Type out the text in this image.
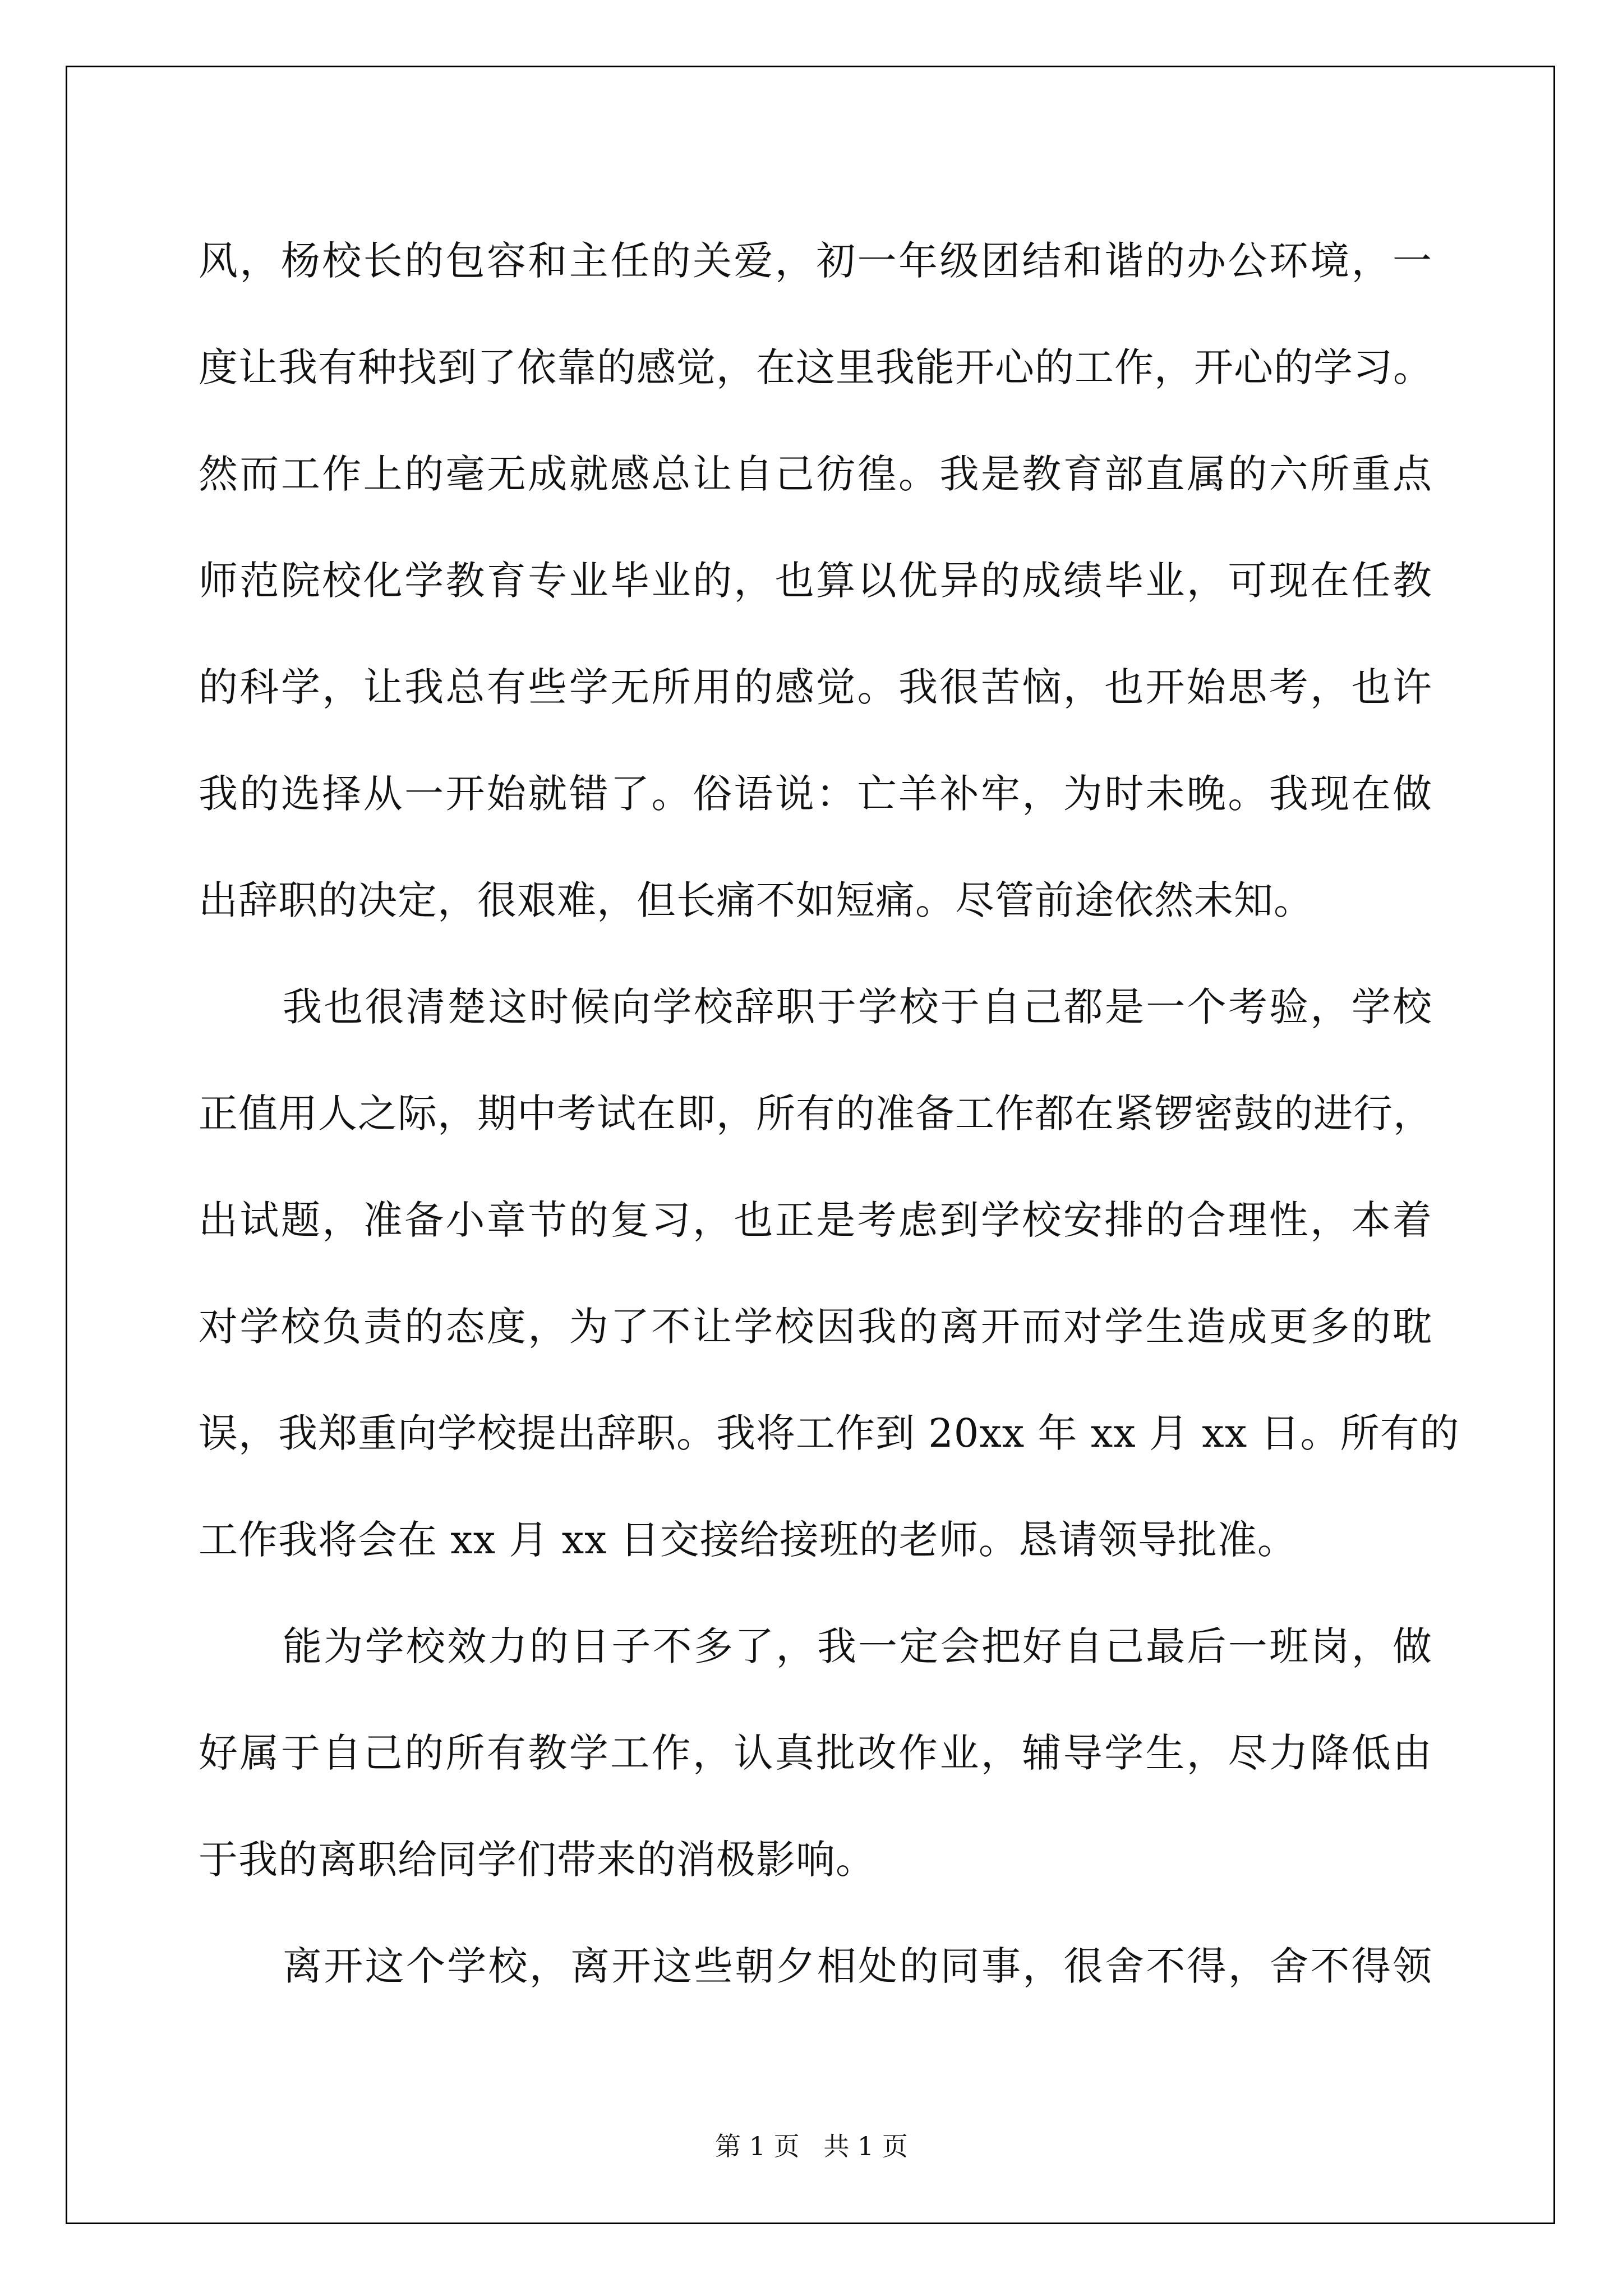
风，杨校长的包容和主任的关爱，初一年级团结和谐的办公环境，一
度让我有种找到了依靠的感觉，在这里我能开心的工作，开心的学习。
然而工作上的毫无成就感总让自己彷徨。我是教育部直属的六所重点
师范院校化学教育专业毕业的，也算以优异的成绩毕业，可现在任教
的科学，让我总有些学无所用的感觉。我很苦恼，也开始思考，也许
我的选择从一开始就错了。俗语说：亡羊补牢，为时未晚。我现在做
出辞职的决定，很艰难，但长痛不如短痛。尽管前途依然未知。
我也很清楚这时候向学校辞职于学校于自己都是一个考验，学校
正值用人之际，期中考试在即，所有的准备工作都在紧锣密鼓的进行，
出试题，准备小章节的复习，也正是考虑到学校安排的合理性，本着
对学校负责的态度，为了不让学校因我的离开而对学生造成更多的耽
误，我郑重向学校提出辞职。我将工作到 20xx 年 xx 月 xx 日。所有的
工作我将会在 xx 月 xx 日交接给接班的老师。恳请领导批准。
能为学校效力的日子不多了，我一定会把好自己最后一班岗，做
好属于自己的所有教学工作，认真批改作业，辅导学生，尽力降低由
于我的离职给同学们带来的消极影响。
离开这个学校，离开这些朝夕相处的同事，很舍不得，舍不得领
第 1 页 共 1 页
